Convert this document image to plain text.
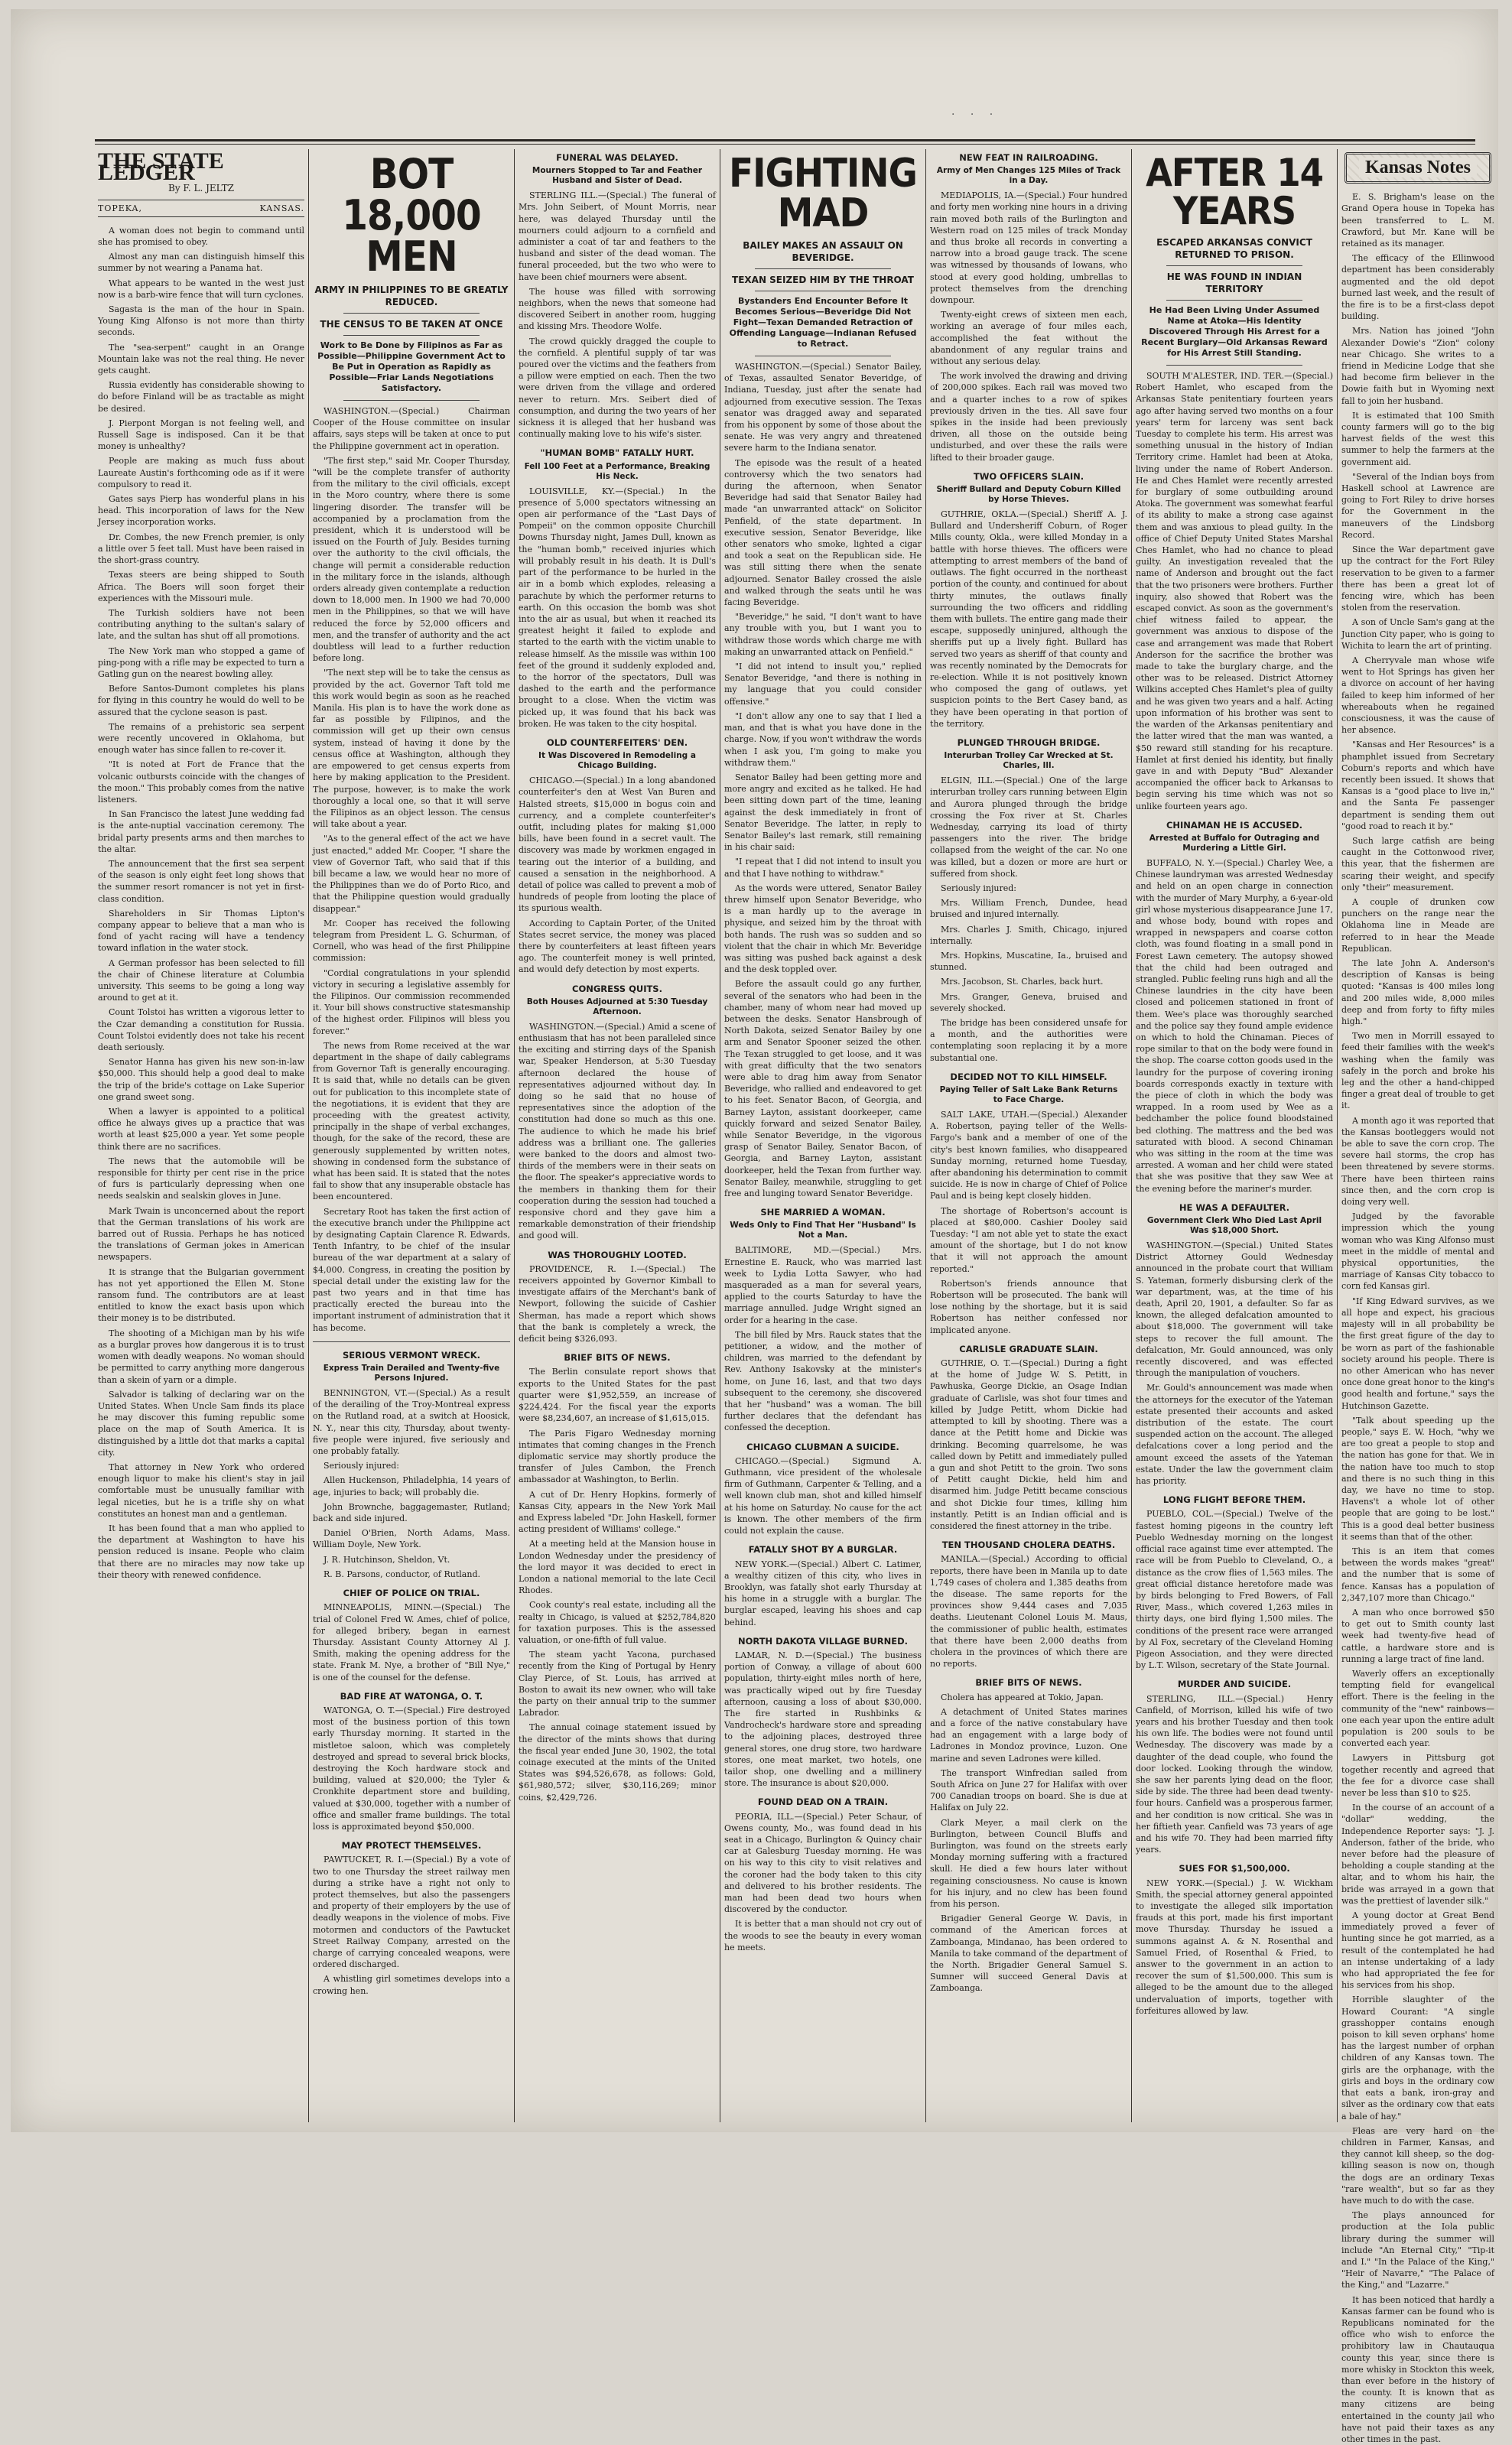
· · ·
THE STATE LEDGER
By F. L. JELTZ
TOPEKA,	KANSAS.

A woman does not begin to command until she has promised to obey.

Almost any man can distinguish himself this summer by not wearing a Panama hat.

What appears to be wanted in the west just now is a barb-wire fence that will turn cyclones.

Sagasta is the man of the hour in Spain. Young King Alfonso is not more than thirty seconds.

The "sea-serpent" caught in an Orange Mountain lake was not the real thing. He never gets caught.

Russia evidently has considerable showing to do before Finland will be as tractable as might be desired.

J. Pierpont Morgan is not feeling well, and Russell Sage is indisposed. Can it be that money is unhealthy?

People are making as much fuss about Laureate Austin's forthcoming ode as if it were compulsory to read it.

Gates says Pierp has wonderful plans in his head. This incorporation of laws for the New Jersey incorporation works.

Dr. Combes, the new French premier, is only a little over 5 feet tall. Must have been raised in the short-grass country.

Texas steers are being shipped to South Africa. The Boers will soon forget their experiences with the Missouri mule.

The Turkish soldiers have not been contributing anything to the sultan's salary of late, and the sultan has shut off all promotions.

The New York man who stopped a game of ping-pong with a rifle may be expected to turn a Gatling gun on the nearest bowling alley.

Before Santos-Dumont completes his plans for flying in this country he would do well to be assured that the cyclone season is past.

The remains of a prehistoric sea serpent were recently uncovered in Oklahoma, but enough water has since fallen to re-cover it.

"It is noted at Fort de France that the volcanic outbursts coincide with the changes of the moon." This probably comes from the native listeners.

In San Francisco the latest June wedding fad is the ante-nuptial vaccination ceremony. The bridal party presents arms and then marches to the altar.

The announcement that the first sea serpent of the season is only eight feet long shows that the summer resort romancer is not yet in first-class condition.

Shareholders in Sir Thomas Lipton's company appear to believe that a man who is fond of yacht racing will have a tendency toward inflation in the water stock.

A German professor has been selected to fill the chair of Chinese literature at Columbia university. This seems to be going a long way around to get at it.

Count Tolstoi has written a vigorous letter to the Czar demanding a constitution for Russia. Count Tolstoi evidently does not take his recent death seriously.

Senator Hanna has given his new son-in-law $50,000. This should help a good deal to make the trip of the bride's cottage on Lake Superior one grand sweet song.

When a lawyer is appointed to a political office he always gives up a practice that was worth at least $25,000 a year. Yet some people think there are no sacrifices.

The news that the automobile will be responsible for thirty per cent rise in the price of furs is particularly depressing when one needs sealskin and sealskin gloves in June.

Mark Twain is unconcerned about the report that the German translations of his work are barred out of Russia. Perhaps he has noticed the translations of German jokes in American newspapers.

It is strange that the Bulgarian government has not yet apportioned the Ellen M. Stone ransom fund. The contributors are at least entitled to know the exact basis upon which their money is to be distributed.

The shooting of a Michigan man by his wife as a burglar proves how dangerous it is to trust women with deadly weapons. No woman should be permitted to carry anything more dangerous than a skein of yarn or a dimple.

Salvador is talking of declaring war on the United States. When Uncle Sam finds its place he may discover this fuming republic some place on the map of South America. It is distinguished by a little dot that marks a capital city.

That attorney in New York who ordered enough liquor to make his client's stay in jail comfortable must be unusually familiar with legal niceties, but he is a trifle shy on what constitutes an honest man and a gentleman.

It has been found that a man who applied to the department at Washington to have his pension reduced is insane. People who claim that there are no miracles may now take up their theory with renewed confidence.

BOT 18,000 MEN
ARMY IN PHILIPPINES TO BE GREATLY REDUCED.
THE CENSUS TO BE TAKEN AT ONCE
Work to Be Done by Filipinos as Far as Possible—Philippine Government Act to Be Put in Operation as Rapidly as Possible—Friar Lands Negotiations Satisfactory.

WASHINGTON.—(Special.) Chairman Cooper of the House committee on insular affairs, says steps will be taken at once to put the Philippine government act in operation.

"The first step," said Mr. Cooper Thursday, "will be the complete transfer of authority from the military to the civil officials, except in the Moro country, where there is some lingering disorder. The transfer will be accompanied by a proclamation from the president, which it is understood will be issued on the Fourth of July. Besides turning over the authority to the civil officials, the change will permit a considerable reduction in the military force in the islands, although orders already given contemplate a reduction down to 18,000 men. In 1900 we had 70,000 men in the Philippines, so that we will have reduced the force by 52,000 officers and men, and the transfer of authority and the act doubtless will lead to a further reduction before long.

"The next step will be to take the census as provided by the act. Governor Taft told me this work would begin as soon as he reached Manila. His plan is to have the work done as far as possible by Filipinos, and the commission will get up their own census system, instead of having it done by the census office at Washington, although they are empowered to get census experts from here by making application to the President. The purpose, however, is to make the work thoroughly a local one, so that it will serve the Filipinos as an object lesson. The census will take about a year.

"As to the general effect of the act we have just enacted," added Mr. Cooper, "I share the view of Governor Taft, who said that if this bill became a law, we would hear no more of the Philippines than we do of Porto Rico, and that the Philippine question would gradually disappear."

Mr. Cooper has received the following telegram from President L. G. Schurman, of Cornell, who was head of the first Philippine commission:

"Cordial congratulations in your splendid victory in securing a legislative assembly for the Filipinos. Our commission recommended it. Your bill shows constructive statesmanship of the highest order. Filipinos will bless you forever."

The news from Rome received at the war department in the shape of daily cablegrams from Governor Taft is generally encouraging. It is said that, while no details can be given out for publication to this incomplete state of the negotiations, it is evident that they are proceeding with the greatest activity, principally in the shape of verbal exchanges, though, for the sake of the record, these are generously supplemented by written notes, showing in condensed form the substance of what has been said. It is stated that the notes fail to show that any insuperable obstacle has been encountered.

Secretary Root has taken the first action of the executive branch under the Philippine act by designating Captain Clarence R. Edwards, Tenth Infantry, to be chief of the insular bureau of the war department at a salary of $4,000. Congress, in creating the position by special detail under the existing law for the past two years and in that time has practically erected the bureau into the important instrument of administration that it has become.

SERIOUS VERMONT WRECK.
Express Train Derailed and Twenty-five Persons Injured.

BENNINGTON, VT.—(Special.) As a result of the derailing of the Troy-Montreal express on the Rutland road, at a switch at Hoosick, N. Y., near this city, Thursday, about twenty-five people were injured, five seriously and one probably fatally.

Seriously injured:

Allen Huckenson, Philadelphia, 14 years of age, injuries to back; will probably die.

John Brownche, baggagemaster, Rutland; back and side injured.

Daniel O'Brien, North Adams, Mass. William Doyle, New York.

J. R. Hutchinson, Sheldon, Vt.

R. B. Parsons, conductor, of Rutland.

CHIEF OF POLICE ON TRIAL.

MINNEAPOLIS, MINN.—(Special.) The trial of Colonel Fred W. Ames, chief of police, for alleged bribery, began in earnest Thursday. Assistant County Attorney Al J. Smith, making the opening address for the state. Frank M. Nye, a brother of "Bill Nye," is one of the counsel for the defense.

BAD FIRE AT WATONGA, O. T.

WATONGA, O. T.—(Special.) Fire destroyed most of the business portion of this town early Thursday morning. It started in the mistletoe saloon, which was completely destroyed and spread to several brick blocks, destroying the Koch hardware stock and building, valued at $20,000; the Tyler & Cronkhite department store and building, valued at $30,000, together with a number of office and smaller frame buildings. The total loss is approximated beyond $50,000.

MAY PROTECT THEMSELVES.

PAWTUCKET, R. I.—(Special.) By a vote of two to one Thursday the street railway men during a strike have a right not only to protect themselves, but also the passengers and property of their employers by the use of deadly weapons in the violence of mobs. Five motormen and conductors of the Pawtucket Street Railway Company, arrested on the charge of carrying concealed weapons, were ordered discharged.

A whistling girl sometimes develops into a crowing hen.

FUNERAL WAS DELAYED.
Mourners Stopped to Tar and Feather Husband and Sister of Dead.

STERLING ILL.—(Special.) The funeral of Mrs. John Seibert, of Mount Morris, near here, was delayed Thursday until the mourners could adjourn to a cornfield and administer a coat of tar and feathers to the husband and sister of the dead woman. The funeral proceeded, but the two who were to have been chief mourners were absent.

The house was filled with sorrowing neighbors, when the news that someone had discovered Seibert in another room, hugging and kissing Mrs. Theodore Wolfe.

The crowd quickly dragged the couple to the cornfield. A plentiful supply of tar was poured over the victims and the feathers from a pillow were emptied on each. Then the two were driven from the village and ordered never to return. Mrs. Seibert died of consumption, and during the two years of her sickness it is alleged that her husband was continually making love to his wife's sister.

"HUMAN BOMB" FATALLY HURT.
Fell 100 Feet at a Performance, Breaking His Neck.

LOUISVILLE, KY.—(Special.) In the presence of 5,000 spectators witnessing an open air performance of the "Last Days of Pompeii" on the common opposite Churchill Downs Thursday night, James Dull, known as the "human bomb," received injuries which will probably result in his death. It is Dull's part of the performance to be hurled in the air in a bomb which explodes, releasing a parachute by which the performer returns to earth. On this occasion the bomb was shot into the air as usual, but when it reached its greatest height it failed to explode and started to the earth with the victim unable to release himself. As the missile was within 100 feet of the ground it suddenly exploded and, to the horror of the spectators, Dull was dashed to the earth and the performance brought to a close. When the victim was picked up, it was found that his back was broken. He was taken to the city hospital.

OLD COUNTERFEITERS' DEN.
It Was Discovered in Remodeling a Chicago Building.

CHICAGO.—(Special.) In a long abandoned counterfeiter's den at West Van Buren and Halsted streets, $15,000 in bogus coin and currency, and a complete counterfeiter's outfit, including plates for making $1,000 bills, have been found in a secret vault. The discovery was made by workmen engaged in tearing out the interior of a building, and caused a sensation in the neighborhood. A detail of police was called to prevent a mob of hundreds of people from looting the place of its spurious wealth.

According to Captain Porter, of the United States secret service, the money was placed there by counterfeiters at least fifteen years ago. The counterfeit money is well printed, and would defy detection by most experts.

CONGRESS QUITS.
Both Houses Adjourned at 5:30 Tuesday Afternoon.

WASHINGTON.—(Special.) Amid a scene of enthusiasm that has not been paralleled since the exciting and stirring days of the Spanish war, Speaker Henderson, at 5:30 Tuesday afternoon declared the house of representatives adjourned without day. In doing so he said that no house of representatives since the adoption of the constitution had done so much as this one. The audience to which he made his brief address was a brilliant one. The galleries were banked to the doors and almost two-thirds of the members were in their seats on the floor. The speaker's appreciative words to the members in thanking them for their cooperation during the session had touched a responsive chord and they gave him a remarkable demonstration of their friendship and good will.

WAS THOROUGHLY LOOTED.

PROVIDENCE, R. I.—(Special.) The receivers appointed by Governor Kimball to investigate affairs of the Merchant's bank of Newport, following the suicide of Cashier Sherman, has made a report which shows that the bank is completely a wreck, the deficit being $326,093.

BRIEF BITS OF NEWS.

The Berlin consulate report shows that exports to the United States for the past quarter were $1,952,559, an increase of $224,424. For the fiscal year the exports were $8,234,607, an increase of $1,615,015.

The Paris Figaro Wednesday morning intimates that coming changes in the French diplomatic service may shortly produce the transfer of Jules Cambon, the French ambassador at Washington, to Berlin.

A cut of Dr. Henry Hopkins, formerly of Kansas City, appears in the New York Mail and Express labeled "Dr. John Haskell, former acting president of Williams' college."

At a meeting held at the Mansion house in London Wednesday under the presidency of the lord mayor it was decided to erect in London a national memorial to the late Cecil Rhodes.

Cook county's real estate, including all the realty in Chicago, is valued at $252,784,820 for taxation purposes. This is the assessed valuation, or one-fifth of full value.

The steam yacht Yacona, purchased recently from the King of Portugal by Henry Clay Pierce, of St. Louis, has arrived at Boston to await its new owner, who will take the party on their annual trip to the summer Labrador.

The annual coinage statement issued by the director of the mints shows that during the fiscal year ended June 30, 1902, the total coinage executed at the mints of the United States was $94,526,678, as follows: Gold, $61,980,572; silver, $30,116,269; minor coins, $2,429,726.

FIGHTING MAD
BAILEY MAKES AN ASSAULT ON BEVERIDGE.
TEXAN SEIZED HIM BY THE THROAT
Bystanders End Encounter Before It Becomes Serious—Beveridge Did Not Fight—Texan Demanded Retraction of Offending Language—Indianan Refused to Retract.

WASHINGTON.—(Special.) Senator Bailey, of Texas, assaulted Senator Beveridge, of Indiana, Tuesday, just after the senate had adjourned from executive session. The Texas senator was dragged away and separated from his opponent by some of those about the senate. He was very angry and threatened severe harm to the Indiana senator.

The episode was the result of a heated controversy which the two senators had during the afternoon, when Senator Beveridge had said that Senator Bailey had made "an unwarranted attack" on Solicitor Penfield, of the state department. In executive session, Senator Beveridge, like other senators who smoke, lighted a cigar and took a seat on the Republican side. He was still sitting there when the senate adjourned. Senator Bailey crossed the aisle and walked through the seats until he was facing Beveridge.

"Beveridge," he said, "I don't want to have any trouble with you, but I want you to withdraw those words which charge me with making an unwarranted attack on Penfield."

"I did not intend to insult you," replied Senator Beveridge, "and there is nothing in my language that you could consider offensive."

"I don't allow any one to say that I lied a man, and that is what you have done in the charge. Now, if you won't withdraw the words when I ask you, I'm going to make you withdraw them."

Senator Bailey had been getting more and more angry and excited as he talked. He had been sitting down part of the time, leaning against the desk immediately in front of Senator Beveridge. The latter, in reply to Senator Bailey's last remark, still remaining in his chair said:

"I repeat that I did not intend to insult you and that I have nothing to withdraw."

As the words were uttered, Senator Bailey threw himself upon Senator Beveridge, who is a man hardly up to the average in physique, and seized him by the throat with both hands. The rush was so sudden and so violent that the chair in which Mr. Beveridge was sitting was pushed back against a desk and the desk toppled over.

Before the assault could go any further, several of the senators who had been in the chamber, many of whom near had moved up between the desks. Senator Hansbrough of North Dakota, seized Senator Bailey by one arm and Senator Spooner seized the other. The Texan struggled to get loose, and it was with great difficulty that the two senators were able to drag him away from Senator Beveridge, who rallied and endeavored to get to his feet. Senator Bacon, of Georgia, and Barney Layton, assistant doorkeeper, came quickly forward and seized Senator Bailey, while Senator Beveridge, in the vigorous grasp of Senator Bailey, Senator Bacon, of Georgia, and Barney Layton, assistant doorkeeper, held the Texan from further way. Senator Bailey, meanwhile, struggling to get free and lunging toward Senator Beveridge.

SHE MARRIED A WOMAN.
Weds Only to Find That Her "Husband" Is Not a Man.

BALTIMORE, MD.—(Special.) Mrs. Ernestine E. Rauck, who was married last week to Lydia Lotta Sawyer, who had masqueraded as a man for several years, applied to the courts Saturday to have the marriage annulled. Judge Wright signed an order for a hearing in the case.

The bill filed by Mrs. Rauck states that the petitioner, a widow, and the mother of children, was married to the defendant by Rev. Anthony Isakovsky at the minister's home, on June 16, last, and that two days subsequent to the ceremony, she discovered that her "husband" was a woman. The bill further declares that the defendant has confessed the deception.

CHICAGO CLUBMAN A SUICIDE.

CHICAGO.—(Special.) Sigmund A. Guthmann, vice president of the wholesale firm of Guthmann, Carpenter & Telling, and a well known club man, shot and killed himself at his home on Saturday. No cause for the act is known. The other members of the firm could not explain the cause.

FATALLY SHOT BY A BURGLAR.

NEW YORK.—(Special.) Albert C. Latimer, a wealthy citizen of this city, who lives in Brooklyn, was fatally shot early Thursday at his home in a struggle with a burglar. The burglar escaped, leaving his shoes and cap behind.

NORTH DAKOTA VILLAGE BURNED.

LAMAR, N. D.—(Special.) The business portion of Conway, a village of about 600 population, thirty-eight miles north of here, was practically wiped out by fire Tuesday afternoon, causing a loss of about $30,000. The fire started in Rushbinks & Vandrocheck's hardware store and spreading to the adjoining places, destroyed three general stores, one drug store, two hardware stores, one meat market, two hotels, one tailor shop, one dwelling and a millinery store. The insurance is about $20,000.

FOUND DEAD ON A TRAIN.

PEORIA, ILL.—(Special.) Peter Schaur, of Owens county, Mo., was found dead in his seat in a Chicago, Burlington & Quincy chair car at Galesburg Tuesday morning. He was on his way to this city to visit relatives and the coroner had the body taken to this city and delivered to his brother residents. The man had been dead two hours when discovered by the conductor.

It is better that a man should not cry out of the woods to see the beauty in every woman he meets.

NEW FEAT IN RAILROADING.
Army of Men Changes 125 Miles of Track in a Day.

MEDIAPOLIS, IA.—(Special.) Four hundred and forty men working nine hours in a driving rain moved both rails of the Burlington and Western road on 125 miles of track Monday and thus broke all records in converting a narrow into a broad gauge track. The scene was witnessed by thousands of Iowans, who stood at every good holding, umbrellas to protect themselves from the drenching downpour.

Twenty-eight crews of sixteen men each, working an average of four miles each, accomplished the feat without the abandonment of any regular trains and without any serious delay.

The work involved the drawing and driving of 200,000 spikes. Each rail was moved two and a quarter inches to a row of spikes previously driven in the ties. All save four spikes in the inside had been previously driven, all those on the outside being undisturbed, and over these the rails were lifted to their broader gauge.

TWO OFFICERS SLAIN.
Sheriff Bullard and Deputy Coburn Killed by Horse Thieves.

GUTHRIE, OKLA.—(Special.) Sheriff A. J. Bullard and Undersheriff Coburn, of Roger Mills county, Okla., were killed Monday in a battle with horse thieves. The officers were attempting to arrest members of the band of outlaws. The fight occurred in the northeast portion of the county, and continued for about thirty minutes, the outlaws finally surrounding the two officers and riddling them with bullets. The entire gang made their escape, supposedly uninjured, although the sheriffs put up a lively fight. Bullard has served two years as sheriff of that county and was recently nominated by the Democrats for re-election. While it is not positively known who composed the gang of outlaws, yet suspicion points to the Bert Casey band, as they have been operating in that portion of the territory.

PLUNGED THROUGH BRIDGE.
Interurban Trolley Car Wrecked at St. Charles, Ill.

ELGIN, ILL.—(Special.) One of the large interurban trolley cars running between Elgin and Aurora plunged through the bridge crossing the Fox river at St. Charles Wednesday, carrying its load of thirty passengers into the river. The bridge collapsed from the weight of the car. No one was killed, but a dozen or more are hurt or suffered from shock.

Seriously injured:

Mrs. William French, Dundee, head bruised and injured internally.

Mrs. Charles J. Smith, Chicago, injured internally.

Mrs. Hopkins, Muscatine, Ia., bruised and stunned.

Mrs. Jacobson, St. Charles, back hurt.

Mrs. Granger, Geneva, bruised and severely shocked.

The bridge has been considered unsafe for a month, and the authorities were contemplating soon replacing it by a more substantial one.

DECIDED NOT TO KILL HIMSELF.
Paying Teller of Salt Lake Bank Returns to Face Charge.

SALT LAKE, UTAH.—(Special.) Alexander A. Robertson, paying teller of the Wells-Fargo's bank and a member of one of the city's best known families, who disappeared Sunday morning, returned home Tuesday, after abandoning his determination to commit suicide. He is now in charge of Chief of Police Paul and is being kept closely hidden.

The shortage of Robertson's account is placed at $80,000. Cashier Dooley said Tuesday: "I am not able yet to state the exact amount of the shortage, but I do not know that it will not approach the amount reported."

Robertson's friends announce that Robertson will be prosecuted. The bank will lose nothing by the shortage, but it is said Robertson has neither confessed nor implicated anyone.

CARLISLE GRADUATE SLAIN.

GUTHRIE, O. T.—(Special.) During a fight at the home of Judge W. S. Petitt, in Pawhuska, George Dickie, an Osage Indian graduate of Carlisle, was shot four times and killed by Judge Petitt, whom Dickie had attempted to kill by shooting. There was a dance at the Petitt home and Dickie was drinking. Becoming quarrelsome, he was called down by Petitt and immediately pulled a gun and shot Petitt to the groin. Two sons of Petitt caught Dickie, held him and disarmed him. Judge Petitt became conscious and shot Dickie four times, killing him instantly. Petitt is an Indian official and is considered the finest attorney in the tribe.

TEN THOUSAND CHOLERA DEATHS.

MANILA.—(Special.) According to official reports, there have been in Manila up to date 1,749 cases of cholera and 1,385 deaths from the disease. The same reports for the provinces show 9,444 cases and 7,035 deaths. Lieutenant Colonel Louis M. Maus, the commissioner of public health, estimates that there have been 2,000 deaths from cholera in the provinces of which there are no reports.

BRIEF BITS OF NEWS.

Cholera has appeared at Tokio, Japan.

A detachment of United States marines and a force of the native constabulary have had an engagement with a large body of Ladrones in Mondoz province, Luzon. One marine and seven Ladrones were killed.

The transport Winfredian sailed from South Africa on June 27 for Halifax with over 700 Canadian troops on board. She is due at Halifax on July 22.

Clark Meyer, a mail clerk on the Burlington, between Council Bluffs and Burlington, was found on the streets early Monday morning suffering with a fractured skull. He died a few hours later without regaining consciousness. No cause is known for his injury, and no clew has been found from his person.

Brigadier General George W. Davis, in command of the American forces at Zamboanga, Mindanao, has been ordered to Manila to take command of the department of the North. Brigadier General Samuel S. Sumner will succeed General Davis at Zamboanga.

AFTER 14 YEARS
ESCAPED ARKANSAS CONVICT RETURNED TO PRISON.
HE WAS FOUND IN INDIAN TERRITORY
He Had Been Living Under Assumed Name at Atoka—His Identity Discovered Through His Arrest for a Recent Burglary—Old Arkansas Reward for His Arrest Still Standing.

SOUTH M'ALESTER, IND. TER.—(Special.) Robert Hamlet, who escaped from the Arkansas State penitentiary fourteen years ago after having served two months on a four years' term for larceny was sent back Tuesday to complete his term. His arrest was something unusual in the history of Indian Territory crime. Hamlet had been at Atoka, living under the name of Robert Anderson. He and Ches Hamlet were recently arrested for burglary of some outbuilding around Atoka. The government was somewhat fearful of its ability to make a strong case against them and was anxious to plead guilty. In the office of Chief Deputy United States Marshal Ches Hamlet, who had no chance to plead guilty. An investigation revealed that the name of Anderson and brought out the fact that the two prisoners were brothers. Further inquiry, also showed that Robert was the escaped convict. As soon as the government's chief witness failed to appear, the government was anxious to dispose of the case and arrangement was made that Robert Anderson for the sacrifice the brother was made to take the burglary charge, and the other was to be released. District Attorney Wilkins accepted Ches Hamlet's plea of guilty and he was given two years and a half. Acting upon information of his brother was sent to the warden of the Arkansas penitentiary and the latter wired that the man was wanted, a $50 reward still standing for his recapture. Hamlet at first denied his identity, but finally gave in and with Deputy "Bud" Alexander accompanied the officer back to Arkansas to begin serving his time which was not so unlike fourteen years ago.

CHINAMAN HE IS ACCUSED.
Arrested at Buffalo for Outraging and Murdering a Little Girl.

BUFFALO, N. Y.—(Special.) Charley Wee, a Chinese laundryman was arrested Wednesday and held on an open charge in connection with the murder of Mary Murphy, a 6-year-old girl whose mysterious disappearance June 17, and whose body, bound with ropes and wrapped in newspapers and coarse cotton cloth, was found floating in a small pond in Forest Lawn cemetery. The autopsy showed that the child had been outraged and strangled. Public feeling runs high and all the Chinese laundries in the city have been closed and policemen stationed in front of them. Wee's place was thoroughly searched and the police say they found ample evidence on which to hold the Chinaman. Pieces of rope similar to that on the body were found in the shop. The coarse cotton goods used in the laundry for the purpose of covering ironing boards corresponds exactly in texture with the piece of cloth in which the body was wrapped. In a room used by Wee as a bedchamber the police found bloodstained bed clothing. The mattress and the bed was saturated with blood. A second Chinaman who was sitting in the room at the time was arrested. A woman and her child were stated that she was positive that they saw Wee at the evening before the mariner's murder.

HE WAS A DEFAULTER.
Government Clerk Who Died Last April Was $18,000 Short.

WASHINGTON.—(Special.) United States District Attorney Gould Wednesday announced in the probate court that William S. Yateman, formerly disbursing clerk of the war department, was, at the time of his death, April 20, 1901, a defaulter. So far as known, the alleged defalcation amounted to about $18,000. The government will take steps to recover the full amount. The defalcation, Mr. Gould announced, was only recently discovered, and was effected through the manipulation of vouchers.

Mr. Gould's announcement was made when the attorneys for the executor of the Yateman estate presented their accounts and asked distribution of the estate. The court suspended action on the account. The alleged defalcations cover a long period and the amount exceed the assets of the Yateman estate. Under the law the government claim has priority.

LONG FLIGHT BEFORE THEM.

PUEBLO, COL.—(Special.) Twelve of the fastest homing pigeons in the country left Pueblo Wednesday morning on the longest official race against time ever attempted. The race will be from Pueblo to Cleveland, O., a distance as the crow flies of 1,563 miles. The great official distance heretofore made was by birds belonging to Fred Bowers, of Fall River, Mass., which covered 1,263 miles in thirty days, one bird flying 1,500 miles. The conditions of the present race were arranged by Al Fox, secretary of the Cleveland Homing Pigeon Association, and they were directed by L.T. Wilson, secretary of the State Journal.

MURDER AND SUICIDE.

STERLING, ILL.—(Special.) Henry Canfield, of Morrison, killed his wife of two years and his brother Tuesday and then took his own life. The bodies were not found until Wednesday. The discovery was made by a daughter of the dead couple, who found the door locked. Looking through the window, she saw her parents lying dead on the floor, side by side. The three had been dead twenty-four hours. Canfield was a prosperous farmer, and her condition is now critical. She was in her fiftieth year. Canfield was 73 years of age and his wife 70. They had been married fifty years.

SUES FOR $1,500,000.

NEW YORK.—(Special.) J. W. Wickham Smith, the special attorney general appointed to investigate the alleged silk importation frauds at this port, made his first important move Thursday. Thursday he issued a summons against A. & N. Rosenthal and Samuel Fried, of Rosenthal & Fried, to answer to the government in an action to recover the sum of $1,500,000. This sum is alleged to be the amount due to the alleged undervaluation of imports, together with forfeitures allowed by law.

Kansas Notes

E. S. Brigham's lease on the Grand Opera house in Topeka has been transferred to L. M. Crawford, but Mr. Kane will be retained as its manager.

The efficacy of the Ellinwood department has been considerably augmented and the old depot burned last week, and the result of the fire is to be a first-class depot building.

Mrs. Nation has joined "John Alexander Dowie's "Zion" colony near Chicago. She writes to a friend in Medicine Lodge that she had become firm believer in the Dowie faith but in Wyoming next fall to join her husband.

It is estimated that 100 Smith county farmers will go to the big harvest fields of the west this summer to help the farmers at the government aid.

"Several of the Indian boys from Haskell school at Lawrence are going to Fort Riley to drive horses for the Government in the maneuvers of the Lindsborg Record.

Since the War department gave up the contract for the Fort Riley reservation to be given to a farmer there has been a great lot of fencing wire, which has been stolen from the reservation.

A son of Uncle Sam's gang at the Junction City paper, who is going to Wichita to learn the art of printing.

A Cherryvale man whose wife went to Hot Springs has given her a divorce on account of her having failed to keep him informed of her whereabouts when he regained consciousness, it was the cause of her absence.

"Kansas and Her Resources" is a phamphlet issued from Secretary Coburn's reports and which have recently been issued. It shows that Kansas is a "good place to live in," and the Santa Fe passenger department is sending them out "good road to reach it by."

Such large catfish are being caught in the Cottonwood river, this year, that the fishermen are scaring their weight, and specify only "their" measurement.

A couple of drunken cow punchers on the range near the Oklahoma line in Meade are referred to in hear the Meade Republican.

The late John A. Anderson's description of Kansas is being quoted: "Kansas is 400 miles long and 200 miles wide, 8,000 miles deep and from forty to fifty miles high."

Two men in Morrill essayed to feed their families with the week's washing when the family was safely in the porch and broke his leg and the other a hand-chipped finger a great deal of trouble to get it.

A month ago it was reported that the Kansas bootleggers would not be able to save the corn crop. The severe hail storms, the crop has been threatened by severe storms. There have been thirteen rains since then, and the corn crop is doing very well.

Judged by the favorable impression which the young woman who was King Alfonso must meet in the middle of mental and physical opportunities, the marriage of Kansas City tobacco to corn fed Kansas girl.

"If King Edward survives, as we all hope and expect, his gracious majesty will in all probability be the first great figure of the day to be worn as part of the fashionable society around his people. There is no other American who has never once done great honor to the king's good health and fortune," says the Hutchinson Gazette.

"Talk about speeding up the people," says E. W. Hoch, "why we are too great a people to stop and the nation has gone for that. We in the nation have too much to stop and there is no such thing in this day, we have no time to stop. Havens't a whole lot of other people that are going to be lost." This is a good deal better business it seems than that of the other.

This is an item that comes between the words makes "great" and the number that is some of fence. Kansas has a population of 2,347,107 more than Chicago."

A man who once borrowed $50 to get out to Smith county last week had twenty-five head of cattle, a hardware store and is running a large tract of fine land.

Waverly offers an exceptionally tempting field for evangelical effort. There is the feeling in the community of the "new" rainbows—one each year upon the entire adult population is 200 souls to be converted each year.

Lawyers in Pittsburg got together recently and agreed that the fee for a divorce case shall never be less than $10 to $25.

In the course of an account of a "dollar" wedding, the Independence Reporter says: "J. J. Anderson, father of the bride, who never before had the pleasure of beholding a couple standing at the altar, and to whom his hair, the bride was arrayed in a gown that was the prettiest of lavender silk."

A young doctor at Great Bend immediately proved a fever of hunting since he got married, as a result of the contemplated he had an intense undertaking of a lady who had appropriated the fee for his services from his shop.

Horrible slaughter of the Howard Courant: "A single grasshopper contains enough poison to kill seven orphans' home has the largest number of orphan children of any Kansas town. The girls are the orphanage, with the girls and boys in the ordinary cow that eats a bank, iron-gray and silver as the ordinary cow that eats a bale of hay."

Fleas are very hard on the children in Farmer, Kansas, and they cannot kill sheep, so the dog-killing season is now on, though the dogs are an ordinary Texas "rare wealth", but so far as they have much to do with the case.

The plays announced for production at the Iola public library during the summer will include "An Eternal City," "Tip-it and I." "In the Palace of the King," "Heir of Navarre," "The Palace of the King," and "Lazarre."

It has been noticed that hardly a Kansas farmer can be found who is Republicans nominated for the office who wish to enforce the prohibitory law in Chautauqua county this year, since there is more whisky in Stockton this week, than ever before in the history of the county. It is known that as many citizens are being entertained in the county jail who have not paid their taxes as any other times in the past.
